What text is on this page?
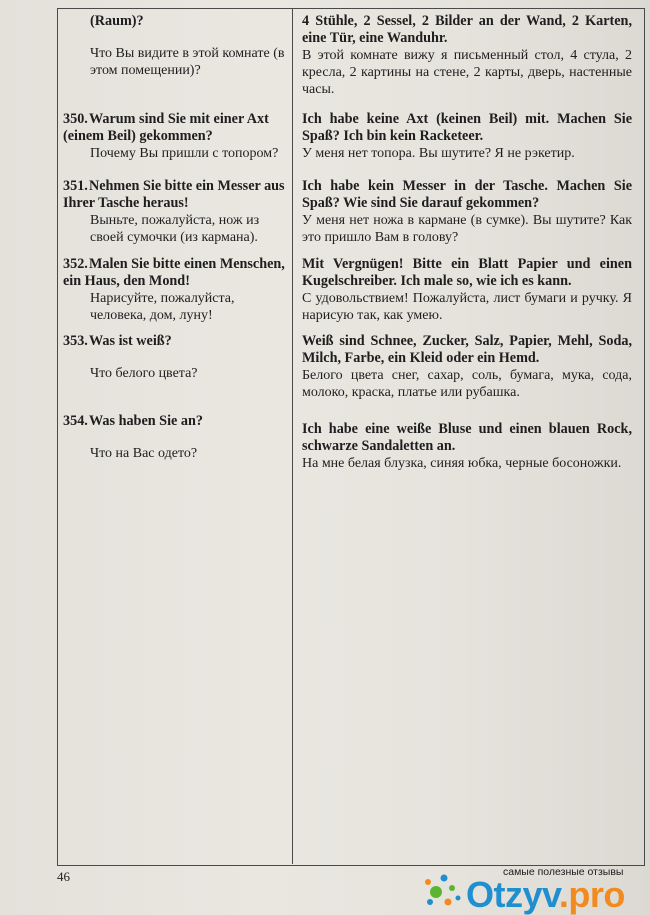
(Raum)?
Что Вы видите в этой комнате (в этом помещении)?
4 Stühle, 2 Sessel, 2 Bilder an der Wand, 2 Karten, eine Tür, eine Wanduhr.
В этой комнате вижу я письменный стол, 4 стула, 2 кресла, 2 картины на стене, 2 карты, дверь, настенные часы.
350.Warum sind Sie mit einer Axt (einem Beil) gekommen?
Почему Вы пришли с топором?
Ich habe keine Axt (keinen Beil) mit. Machen Sie Spaß? Ich bin kein Racketeer.
У меня нет топора. Вы шутите? Я не рэкетир.
351.Nehmen Sie bitte ein Messer aus Ihrer Tasche heraus!
Выньте, пожалуйста, нож из своей сумочки (из кармана).
Ich habe kein Messer in der Tasche. Machen Sie Spaß? Wie sind Sie darauf gekommen?
У меня нет ножа в кармане (в сумке). Вы шутите? Как это пришло Вам в голову?
352.Malen Sie bitte einen Menschen, ein Haus, den Mond!
Нарисуйте, пожалуйста, человека, дом, луну!
Mit Vergnügen! Bitte ein Blatt Papier und einen Kugelschreiber. Ich male so, wie ich es kann.
С удовольствием! Пожалуйста, лист бумаги и ручку. Я нарисую так, как умею.
353.Was ist weiß?
Что белого цвета?
Weiß sind Schnee, Zucker, Salz, Papier, Mehl, Soda, Milch, Farbe, ein Kleid oder ein Hemd.
Белого цвета снег, сахар, соль, бумага, мука, сода, молоко, краска, платье или рубашка.
354.Was haben Sie an?
Что на Вас одето?
Ich habe eine weiße Bluse und einen blauen Rock, schwarze Sandaletten an.
На мне белая блузка, синяя юбка, черные босоножки.
46	самые полезные отзывы
Otzyv.pro
